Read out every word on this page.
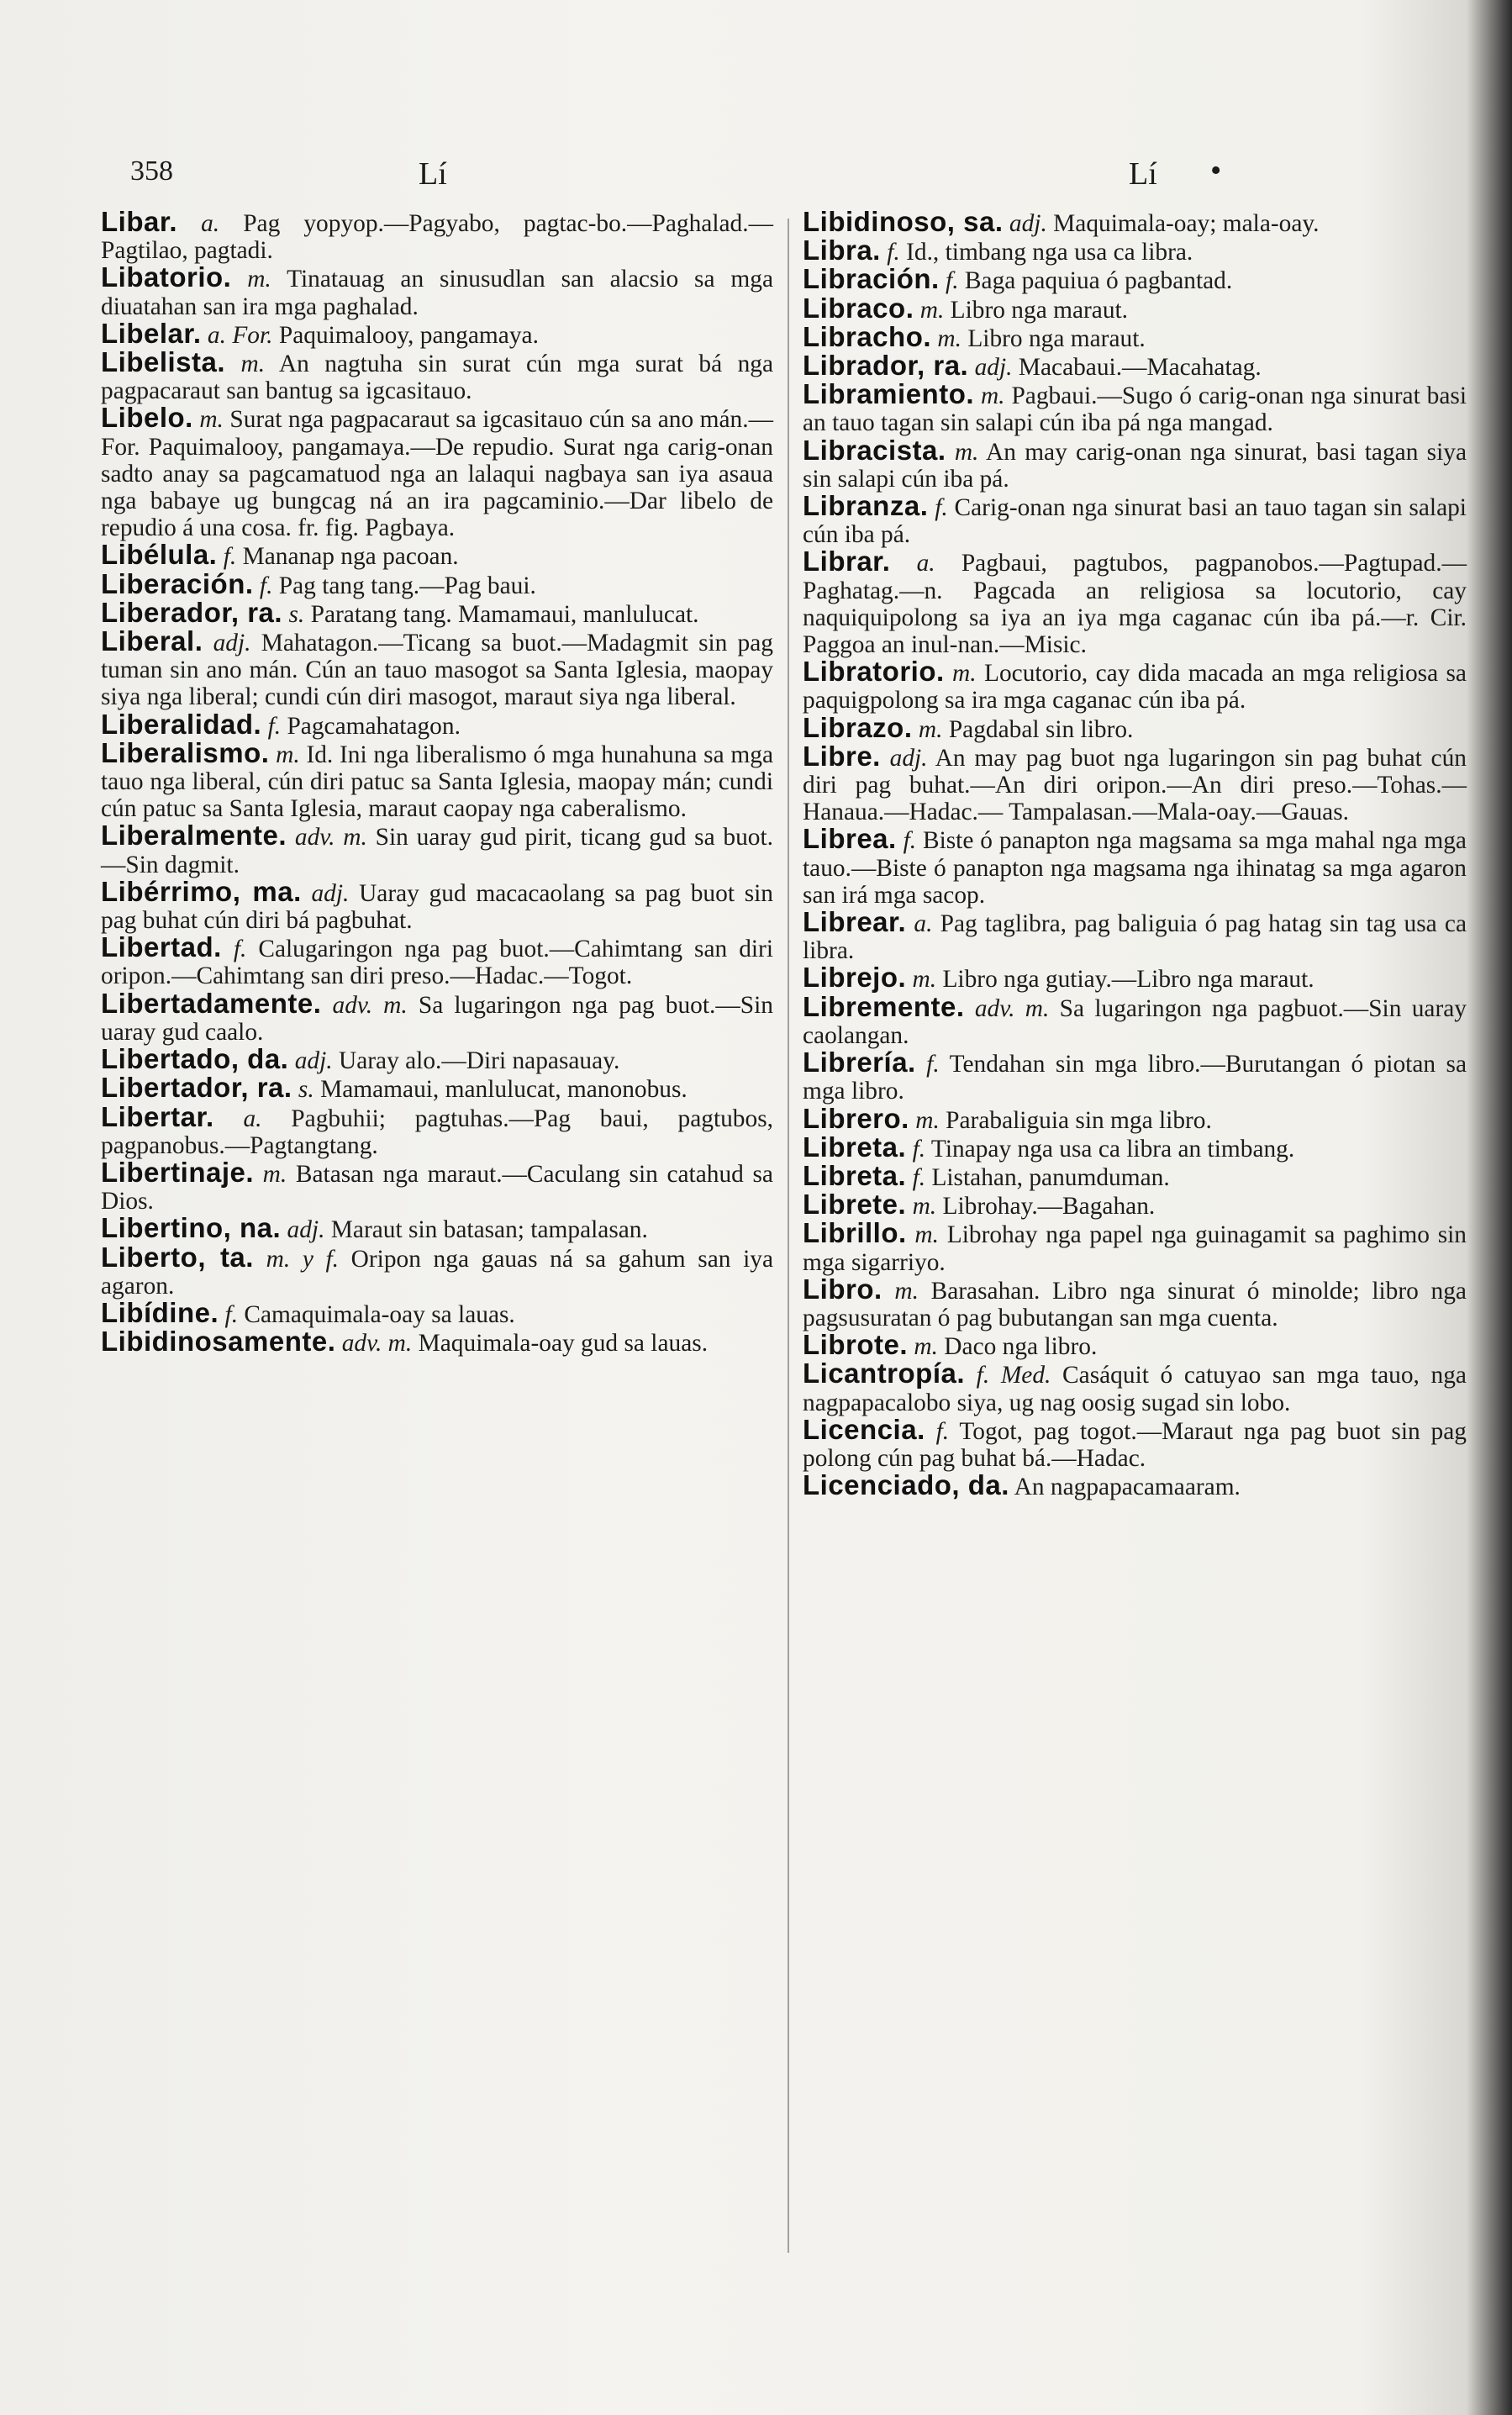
358	Lí	Lí •

Libar. a. Pag yopyop.—Pagyabo, pagtac-bo.—Paghalad.—Pagtilao, pagtadi.

Libatorio. m. Tinatauag an sinusudlan san alacsio sa mga diuatahan san ira mga paghalad.

Libelar. a. For. Paquimalooy, pangamaya.

Libelista. m. An nagtuha sin surat cún mga surat bá nga pagpacaraut san bantug sa igcasitauo.

Libelo. m. Surat nga pagpacaraut sa igcasitauo cún sa ano mán.—For. Paquimalooy, pangamaya.—De repudio. Surat nga carig-onan sadto anay sa pagcamatuod nga an lalaqui nagbaya san iya asaua nga babaye ug bungcag ná an ira pagcaminio.—Dar libelo de repudio á una cosa. fr. fig. Pagbaya.

Libélula. f. Mananap nga pacoan.

Liberación. f. Pag tang tang.—Pag baui.

Liberador, ra. s. Paratang tang. Mamamaui, manlulucat.

Liberal. adj. Mahatagon.—Ticang sa buot.—Madagmit sin pag tuman sin ano mán. Cún an tauo masogot sa Santa Iglesia, maopay siya nga liberal; cundi cún diri masogot, maraut siya nga liberal.

Liberalidad. f. Pagcamahatagon.

Liberalismo. m. Id. Ini nga liberalismo ó mga hunahuna sa mga tauo nga liberal, cún diri patuc sa Santa Iglesia, maopay mán; cundi cún patuc sa Santa Iglesia, maraut caopay nga caberalismo.

Liberalmente. adv. m. Sin uaray gud pirit, ticang gud sa buot.—Sin dagmit.

Libérrimo, ma. adj. Uaray gud macacaolang sa pag buot sin pag buhat cún diri bá pagbuhat.

Libertad. f. Calugaringon nga pag buot.—Cahimtang san diri oripon.—Cahimtang san diri preso.—Hadac.—Togot.

Libertadamente. adv. m. Sa lugaringon nga pag buot.—Sin uaray gud caalo.

Libertado, da. adj. Uaray alo.—Diri napasauay.

Libertador, ra. s. Mamamaui, manlulucat, manonobus.

Libertar. a. Pagbuhii; pagtuhas.—Pag baui, pagtubos, pagpanobus.—Pagtangtang.

Libertinaje. m. Batasan nga maraut.—Caculang sin catahud sa Dios.

Libertino, na. adj. Maraut sin batasan; tampalasan.

Liberto, ta. m. y f. Oripon nga gauas ná sa gahum san iya agaron.

Libídine. f. Camaquimala-oay sa lauas.

Libidinosamente. adv. m. Maquimala-oay gud sa lauas.

Libidinoso, sa. adj. Maquimala-oay; mala-oay.

Libra. f. Id., timbang nga usa ca libra.

Libración. f. Baga paquiua ó pagbantad.

Libraco. m. Libro nga maraut.

Libracho. m. Libro nga maraut.

Librador, ra. adj. Macabaui.—Macahatag.

Libramiento. m. Pagbaui.—Sugo ó carig-onan nga sinurat basi an tauo tagan sin salapi cún iba pá nga mangad.

Libracista. m. An may carig-onan nga sinurat, basi tagan siya sin salapi cún iba pá.

Libranza. f. Carig-onan nga sinurat basi an tauo tagan sin salapi cún iba pá.

Librar. a. Pagbaui, pagtubos, pagpanobos.—Pagtupad.—Paghatag.—n. Pagcada an religiosa sa locutorio, cay naquiquipolong sa iya an iya mga caganac cún iba pá.—r. Cir. Paggoa an inul-nan.—Misic.

Libratorio. m. Locutorio, cay dida macada an mga religiosa sa paquigpolong sa ira mga caganac cún iba pá.

Librazo. m. Pagdabal sin libro.

Libre. adj. An may pag buot nga lugaringon sin pag buhat cún diri pag buhat.—An diri oripon.—An diri preso.—Tohas.—Hanaua.—Hadac.— Tampalasan.—Mala-oay.—Gauas.

Librea. f. Biste ó panapton nga magsama sa mga mahal nga mga tauo.—Biste ó panapton nga magsama nga ihinatag sa mga agaron san irá mga sacop.

Librear. a. Pag taglibra, pag baliguia ó pag hatag sin tag usa ca libra.

Librejo. m. Libro nga gutiay.—Libro nga maraut.

Libremente. adv. m. Sa lugaringon nga pagbuot.—Sin uaray caolangan.

Librería. f. Tendahan sin mga libro.—Burutangan ó piotan sa mga libro.

Librero. m. Parabaliguia sin mga libro.

Libreta. f. Tinapay nga usa ca libra an timbang.

Libreta. f. Listahan, panumduman.

Librete. m. Librohay.—Bagahan.

Librillo. m. Librohay nga papel nga guinagamit sa paghimo sin mga sigarriyo.

Libro. m. Barasahan. Libro nga sinurat ó minolde; libro nga pagsusuratan ó pag bubutangan san mga cuenta.

Librote. m. Daco nga libro.

Licantropía. f. Med. Casáquit ó catuyao san mga tauo, nga nagpapacalobo siya, ug nag oosig sugad sin lobo.

Licencia. f. Togot, pag togot.—Maraut nga pag buot sin pag polong cún pag buhat bá.—Hadac.

Licenciado, da. An nagpapacamaaram.
